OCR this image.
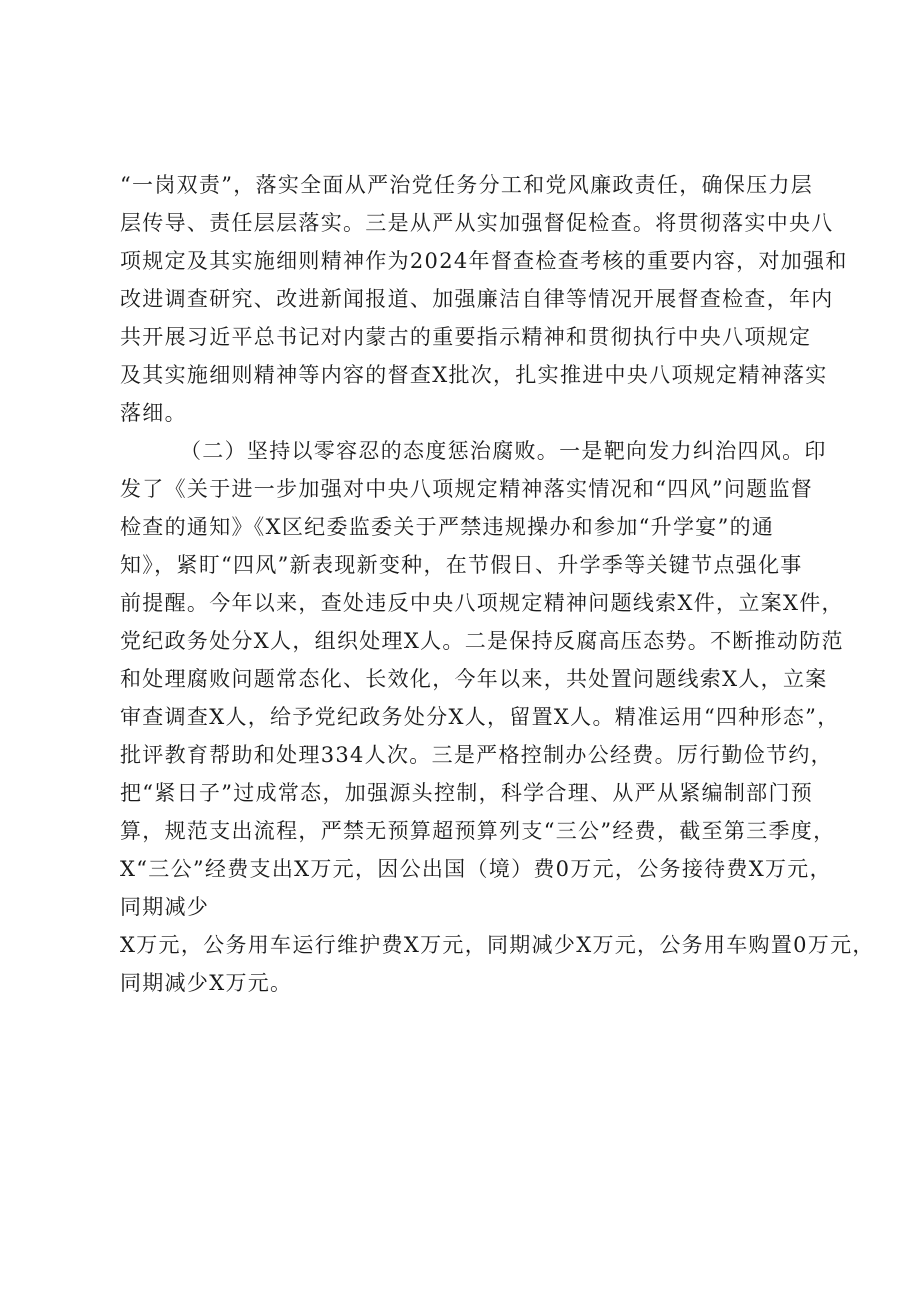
“一岗双责”，落实全面从严治党任务分工和党风廉政责任，确保压力层
层传导、责任层层落实。三是从严从实加强督促检查。将贯彻落实中央八
项规定及其实施细则精神作为2024年督查检查考核的重要内容，对加强和
改进调查研究、改进新闻报道、加强廉洁自律等情况开展督查检查，年内
共开展习近平总书记对内蒙古的重要指示精神和贯彻执行中央八项规定
及其实施细则精神等内容的督查X批次，扎实推进中央八项规定精神落实
落细。
（二）坚持以零容忍的态度惩治腐败。一是靶向发力纠治四风。印
发了《关于进一步加强对中央八项规定精神落实情况和“四风”问题监督
检查的通知》《X区纪委监委关于严禁违规操办和参加“升学宴”的通
知》，紧盯“四风”新表现新变种，在节假日、升学季等关键节点强化事
前提醒。今年以来，查处违反中央八项规定精神问题线索X件，立案X件，
党纪政务处分X人，组织处理X人。二是保持反腐高压态势。不断推动防范
和处理腐败问题常态化、长效化，今年以来，共处置问题线索X人，立案
审查调查X人，给予党纪政务处分X人，留置X人。精准运用“四种形态”，
批评教育帮助和处理334人次。三是严格控制办公经费。厉行勤俭节约，
把“紧日子”过成常态，加强源头控制，科学合理、从严从紧编制部门预
算，规范支出流程，严禁无预算超预算列支“三公”经费，截至第三季度，
X“三公”经费支出X万元，因公出国（境）费0万元，公务接待费X万元，
同期减少
X万元，公务用车运行维护费X万元，同期减少X万元，公务用车购置0万元，
同期减少X万元。
